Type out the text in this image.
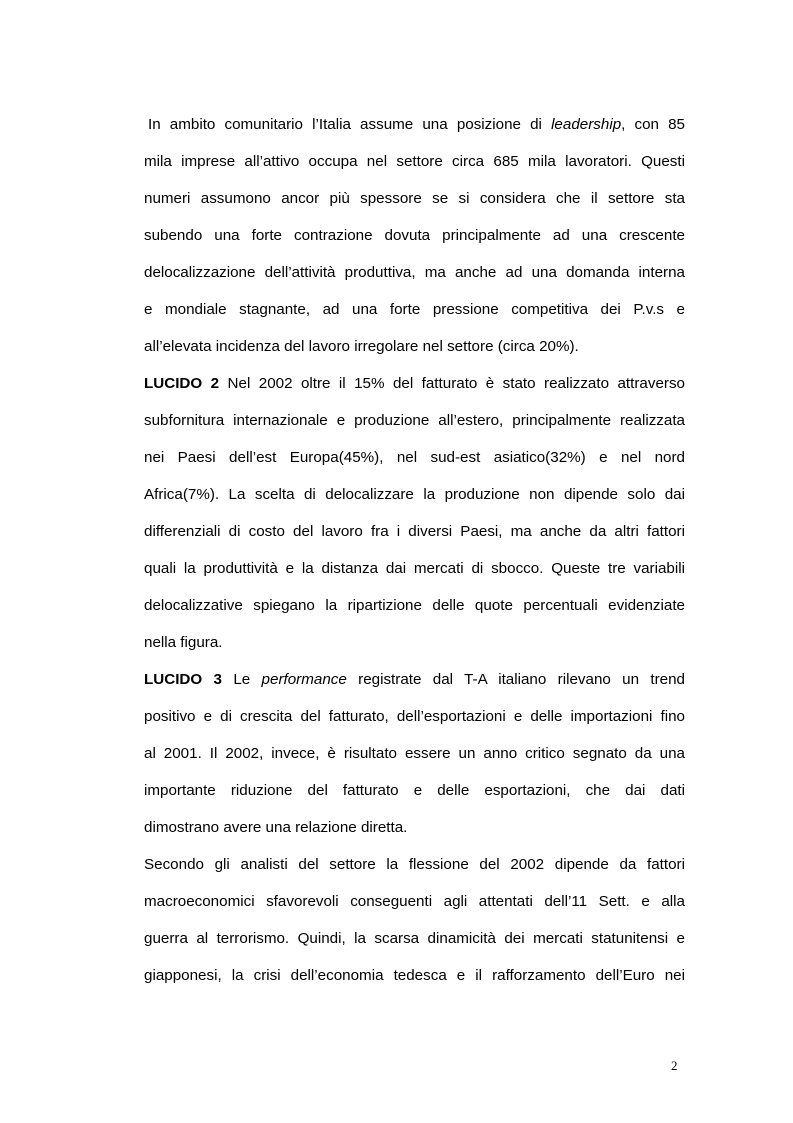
In ambito comunitario l’Italia assume una posizione di leadership, con 85
mila imprese all’attivo occupa nel settore circa 685 mila lavoratori. Questi
numeri assumono ancor più spessore se si considera che il settore sta
subendo una forte contrazione dovuta principalmente ad una crescente
delocalizzazione dell’attività produttiva, ma anche ad una domanda interna
e mondiale stagnante, ad una forte pressione competitiva dei P.v.s e
all’elevata incidenza del lavoro irregolare nel settore (circa 20%).
LUCIDO 2 Nel 2002 oltre il 15% del fatturato è stato realizzato attraverso
subfornitura internazionale e produzione all’estero, principalmente realizzata
nei Paesi dell’est Europa(45%), nel sud-est asiatico(32%) e nel nord
Africa(7%). La scelta di delocalizzare la produzione non dipende solo dai
differenziali di costo del lavoro fra i diversi Paesi, ma anche da altri fattori
quali la produttività e la distanza dai mercati di sbocco. Queste tre variabili
delocalizzative spiegano la ripartizione delle quote percentuali evidenziate
nella figura.
LUCIDO 3 Le performance registrate dal T-A italiano rilevano un trend
positivo e di crescita del fatturato, dell’esportazioni e delle importazioni fino
al 2001. Il 2002, invece, è risultato essere un anno critico segnato da una
importante riduzione del fatturato e delle esportazioni, che dai dati
dimostrano avere una relazione diretta.
Secondo gli analisti del settore la flessione del 2002 dipende da fattori
macroeconomici sfavorevoli conseguenti agli attentati dell’11 Sett. e alla
guerra al terrorismo. Quindi, la scarsa dinamicità dei mercati statunitensi e
giapponesi, la crisi dell’economia tedesca e il rafforzamento dell’Euro nei
2
